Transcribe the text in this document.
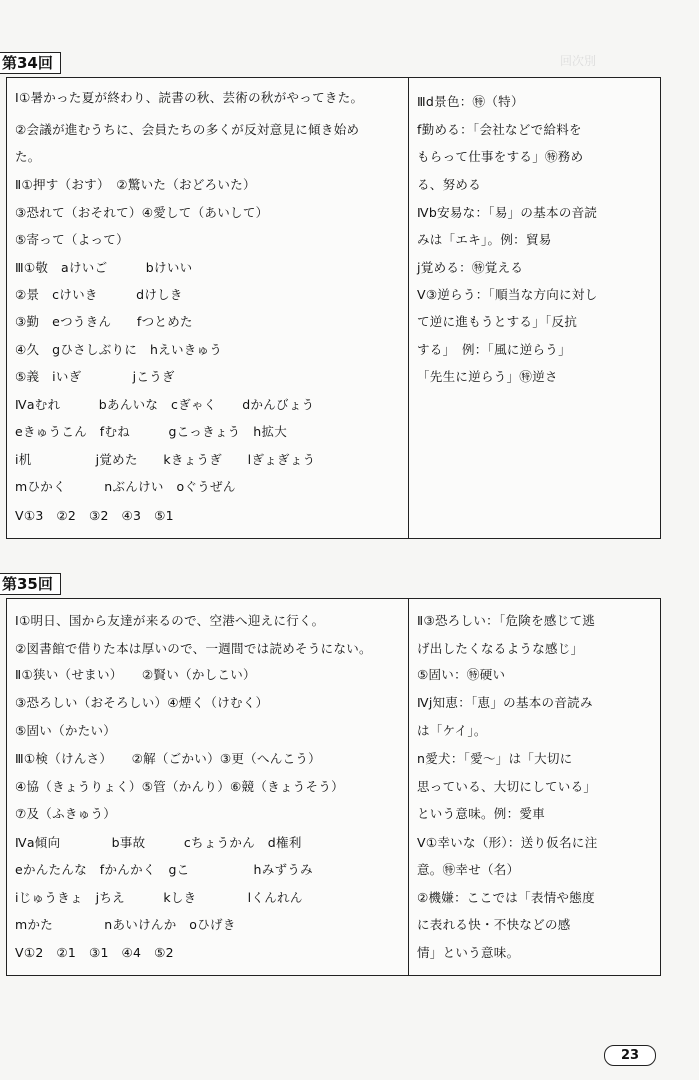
回次別
第34回
Ⅰ①暑かった夏が終わり、読書の秋、芸術の秋がやってきた。
②会議が進むうちに、会員たちの多くが反対意見に傾き始め
た。
Ⅱ①押す（おす）　②驚いた（おどろいた）
③恐れて（おそれて）④愛して（あいして）
⑤寄って（よって）
Ⅲ①敬　aけいご　　　bけいい
②景　cけいき　　　dけしき
③勤　eつうきん　　fつとめた
④久　gひさしぶりに　hえいきゅう
⑤義　iいぎ　　　　jこうぎ
Ⅳaむれ　　　bあんいな　cぎゃく　　dかんびょう
eきゅうこん　fむね　　　gこっきょう　h拡大
i机　　　　　j覚めた　　kきょうぎ　　lぎょぎょう
mひかく　　　nぶんけい　oぐうぜん
Ⅴ①3　②2　③2　④3　⑤1
Ⅲd景色：㊕（特）
f勤める：「会社などで給料を
もらって仕事をする」㊕務め
る、努める
Ⅳb安易な：「易」の基本の音読
みは「エキ」。例：貿易
j覚める：㊕覚える
Ⅴ③逆らう：「順当な方向に対し
て逆に進もうとする」「反抗
する」　例：「風に逆らう」
「先生に逆らう」㊕逆さ
第35回
Ⅰ①明日、国から友達が来るので、空港へ迎えに行く。
②図書館で借りた本は厚いので、一週間では読めそうにない。
Ⅱ①狭い（せまい）　　②賢い（かしこい）
③恐ろしい（おそろしい）④煙く（けむく）
⑤固い（かたい）
Ⅲ①検（けんさ）　　②解（ごかい）③更（へんこう）
④協（きょうりょく）⑤管（かんり）⑥競（きょうそう）
⑦及（ふきゅう）
Ⅳa傾向　　　　b事故　　　cちょうかん　d権利
eかんたんな　fかんかく　gこ　　　　　hみずうみ
iじゅうきょ　jちえ　　　kしき　　　　lくんれん
mかた　　　　nあいけんか　oひげき
Ⅴ①2　②1　③1　④4　⑤2
Ⅱ③恐ろしい：「危険を感じて逃
げ出したくなるような感じ」
⑤固い：㊕硬い
Ⅳj知恵：「恵」の基本の音読み
は「ケイ」。
n愛犬：「愛～」は「大切に
思っている、大切にしている」
という意味。例：愛車
Ⅴ①幸いな（形）：送り仮名に注
意。㊕幸せ（名）
②機嫌：ここでは「表情や態度
に表れる快・不快などの感
情」という意味。
23
